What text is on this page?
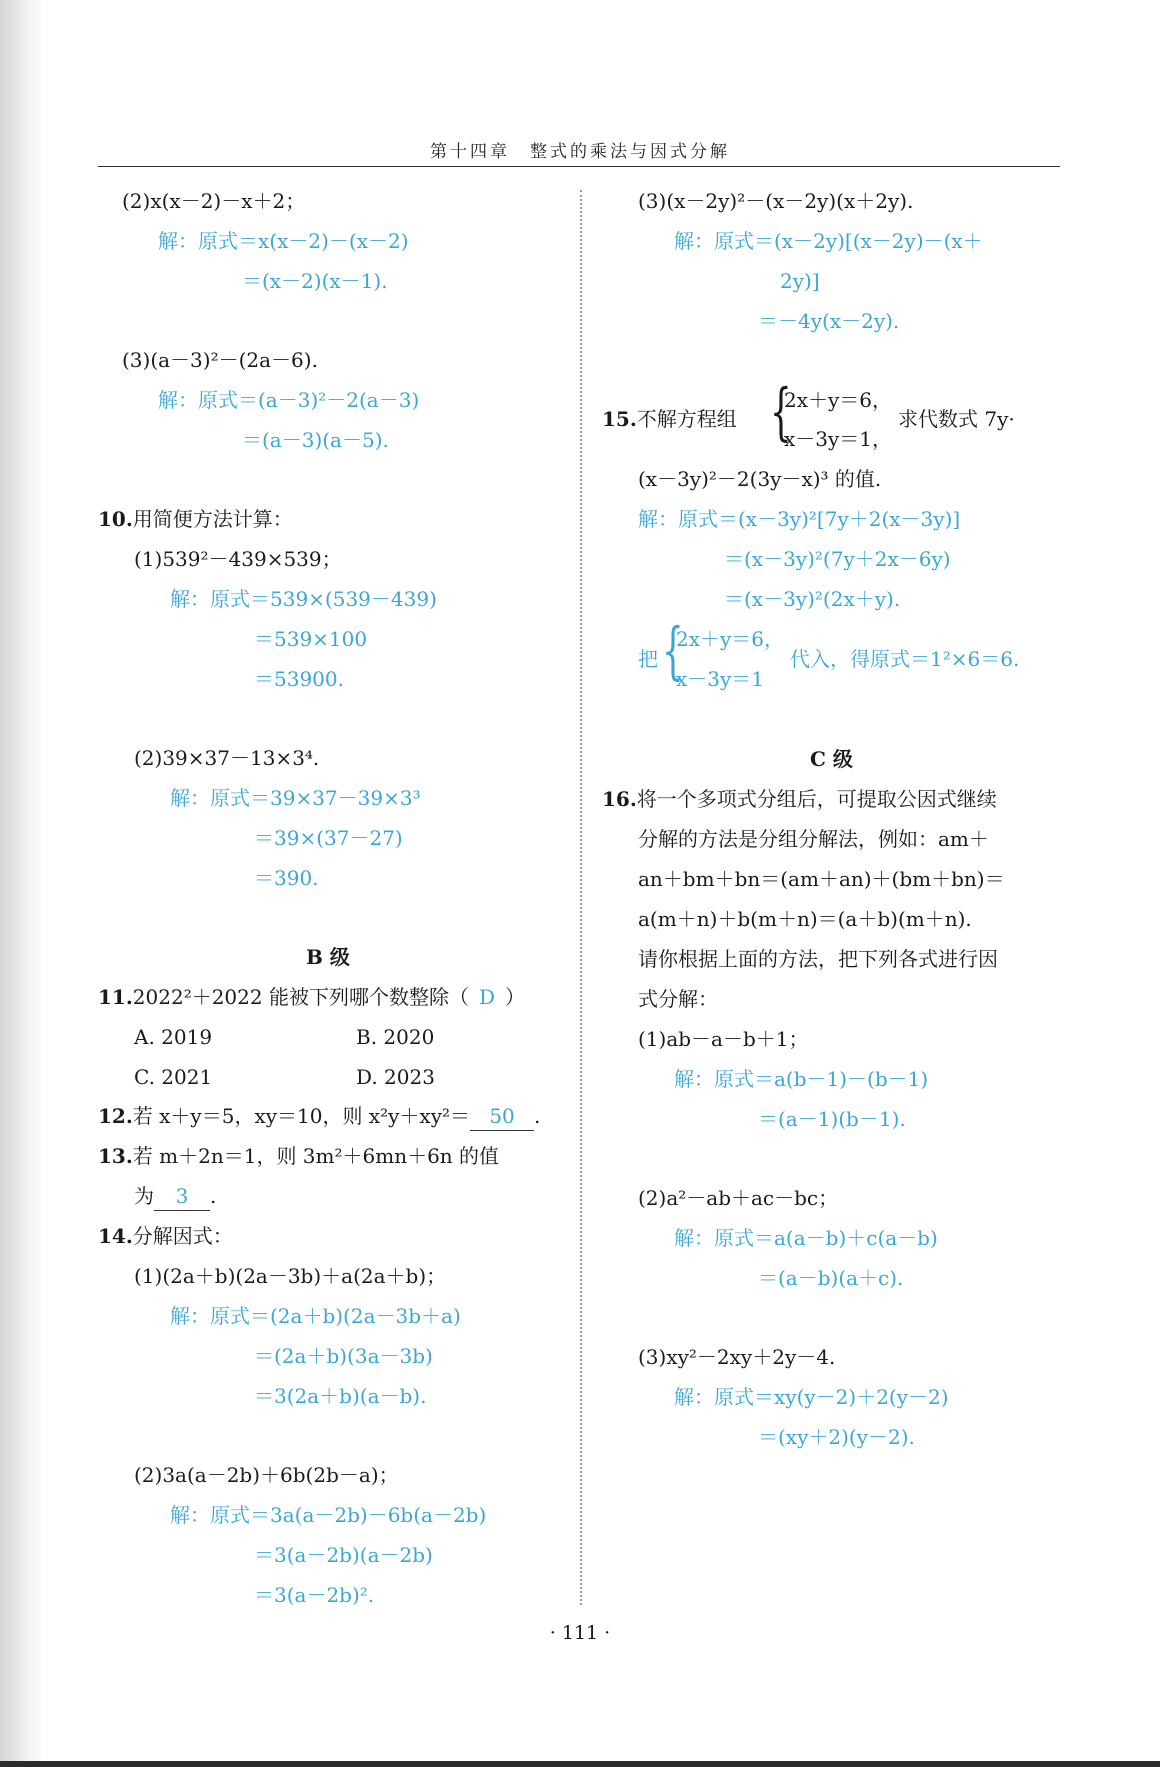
第十四章　整式的乘法与因式分解
(2)x(x－2)－x＋2；
解：原式＝x(x－2)－(x－2)
＝(x－2)(x－1).
(3)(a－3)²－(2a－6).
解：原式＝(a－3)²－2(a－3)
＝(a－3)(a－5).
10.用简便方法计算：
(1)539²－439×539；
解：原式＝539×(539－439)
＝539×100
＝53900.
(2)39×37－13×3⁴.
解：原式＝39×37－39×3³
＝39×(37－27)
＝390.
B 级
11.2022²＋2022 能被下列哪个数整除（ D ）
A. 2019	B. 2020
C. 2021	D. 2023
12.若 x＋y＝5，xy＝10，则 x²y＋xy²＝ 50 .
13.若 m＋2n＝1，则 3m²＋6mn＋6n 的值
为 3 .
14.分解因式：
(1)(2a＋b)(2a－3b)＋a(2a＋b)；
解：原式＝(2a＋b)(2a－3b＋a)
＝(2a＋b)(3a－3b)
＝3(2a＋b)(a－b).
(2)3a(a－2b)＋6b(2b－a)；
解：原式＝3a(a－2b)－6b(a－2b)
＝3(a－2b)(a－2b)
＝3(a－2b)².
(3)(x－2y)²－(x－2y)(x＋2y).
解：原式＝(x－2y)[(x－2y)－(x＋
2y)]
＝－4y(x－2y).
15.不解方程组 {
2x＋y＝6，
x－3y＝1，
求代数式 7y·
(x－3y)²－2(3y－x)³ 的值.
解：原式＝(x－3y)²[7y＋2(x－3y)]
＝(x－3y)²(7y＋2x－6y)
＝(x－3y)²(2x＋y).
把 {
2x＋y＝6，
x－3y＝1
代入，得原式＝1²×6＝6.
C 级
16.将一个多项式分组后，可提取公因式继续
分解的方法是分组分解法，例如：am＋
an＋bm＋bn＝(am＋an)＋(bm＋bn)＝
a(m＋n)＋b(m＋n)＝(a＋b)(m＋n).
请你根据上面的方法，把下列各式进行因
式分解：
(1)ab－a－b＋1；
解：原式＝a(b－1)－(b－1)
＝(a－1)(b－1).
(2)a²－ab＋ac－bc；
解：原式＝a(a－b)＋c(a－b)
＝(a－b)(a＋c).
(3)xy²－2xy＋2y－4.
解：原式＝xy(y－2)＋2(y－2)
＝(xy＋2)(y－2).
· 111 ·
